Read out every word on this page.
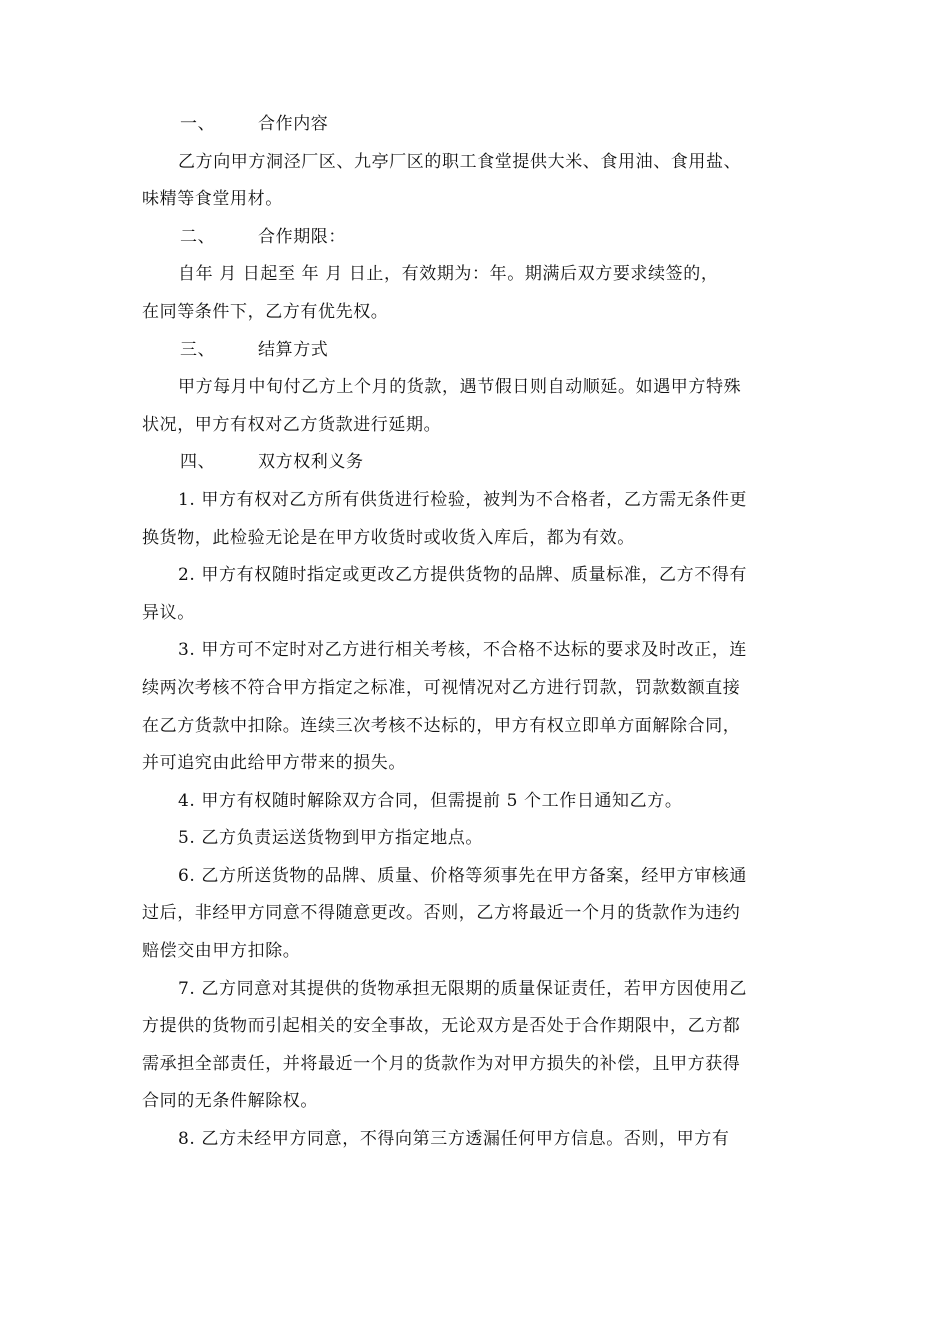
一、	合作内容
乙方向甲方洞泾厂区、九亭厂区的职工食堂提供大米、食用油、食用盐、
味精等食堂用材。
二、	合作期限：
自年 月 日起至 年 月 日止，有效期为：年。期满后双方要求续签的，
在同等条件下，乙方有优先权。
三、	结算方式
甲方每月中旬付乙方上个月的货款，遇节假日则自动顺延。如遇甲方特殊
状况，甲方有权对乙方货款进行延期。
四、	双方权利义务
1. 甲方有权对乙方所有供货进行检验，被判为不合格者，乙方需无条件更
换货物，此检验无论是在甲方收货时或收货入库后，都为有效。
2. 甲方有权随时指定或更改乙方提供货物的品牌、质量标准，乙方不得有
异议。
3. 甲方可不定时对乙方进行相关考核，不合格不达标的要求及时改正，连
续两次考核不符合甲方指定之标准，可视情况对乙方进行罚款，罚款数额直接
在乙方货款中扣除。连续三次考核不达标的，甲方有权立即单方面解除合同，
并可追究由此给甲方带来的损失。
4. 甲方有权随时解除双方合同，但需提前 5 个工作日通知乙方。
5. 乙方负责运送货物到甲方指定地点。
6. 乙方所送货物的品牌、质量、价格等须事先在甲方备案，经甲方审核通
过后，非经甲方同意不得随意更改。否则，乙方将最近一个月的货款作为违约
赔偿交由甲方扣除。
7. 乙方同意对其提供的货物承担无限期的质量保证责任，若甲方因使用乙
方提供的货物而引起相关的安全事故，无论双方是否处于合作期限中，乙方都
需承担全部责任，并将最近一个月的货款作为对甲方损失的补偿，且甲方获得
合同的无条件解除权。
8. 乙方未经甲方同意，不得向第三方透漏任何甲方信息。否则，甲方有
